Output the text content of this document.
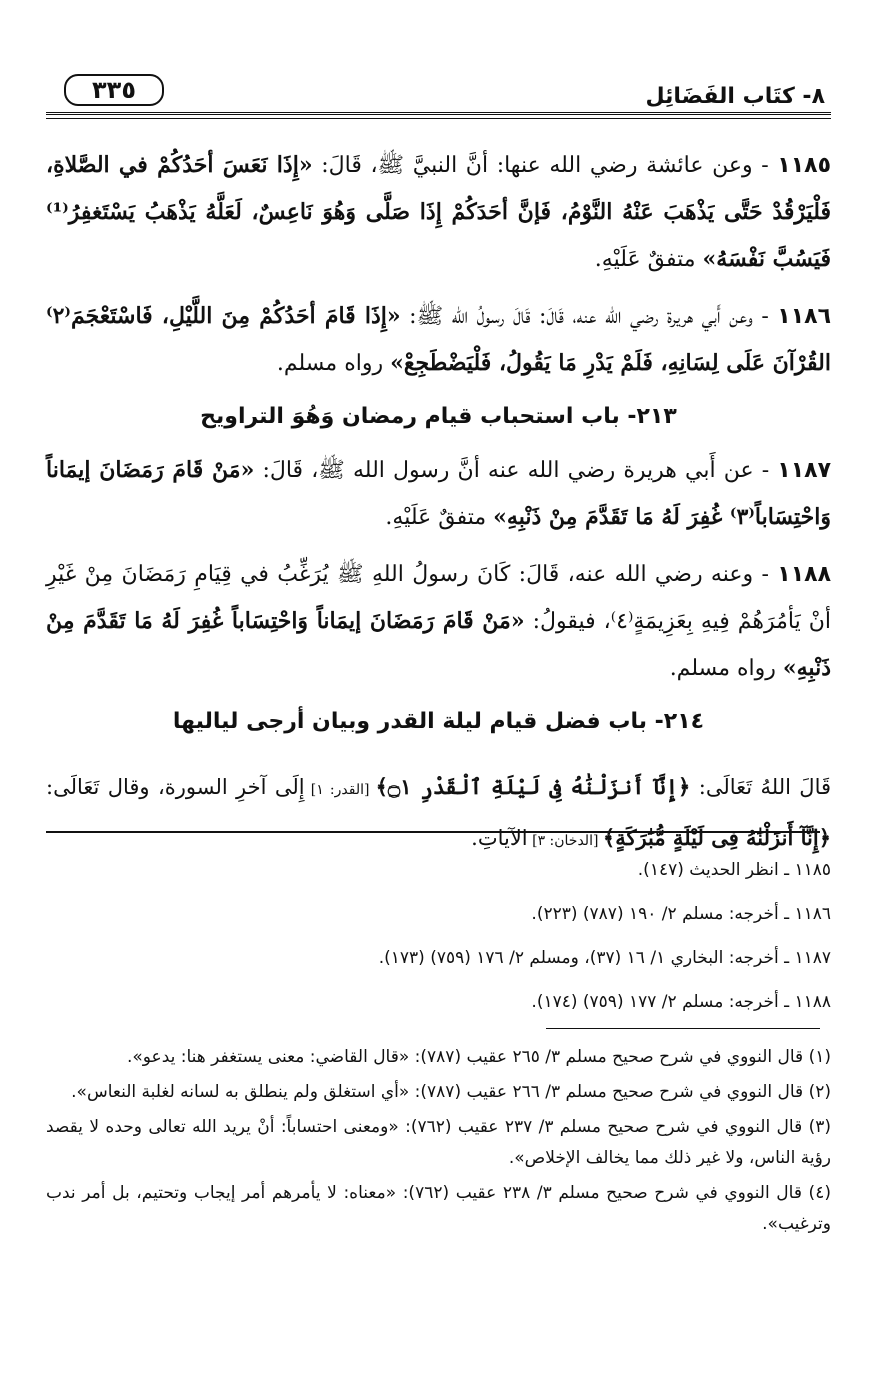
٨- كتَاب الفَضَائِل
٣٣٥

١١٨٥ - وعن عائشة رضي الله عنها: أنَّ النبيَّ ﷺ، قَالَ: «إِذَا نَعَسَ أحَدُكُمْ في الصَّلاةِ، فَلْيَرْقُدْ حَتَّى يَذْهَبَ عَنْهُ النَّوْمُ، فَإنَّ أحَدَكُمْ إِذَا صَلَّى وَهُوَ نَاعِسٌ، لَعَلَّهُ يَذْهَبُ يَسْتَغفِرُ⁽¹⁾ فَيَسُبَّ نَفْسَهُ» متفقٌ عَلَيْهِ.

١١٨٦ - وعن أَبي هريرة رضي الله عنه، قَالَ: قَالَ رسولُ الله ﷺ: «إِذَا قَامَ أحَدُكُمْ مِنَ اللَّيْلِ، فَاسْتَعْجَمَ⁽٢⁾ القُرْآنَ عَلَى لِسَانِهِ، فَلَمْ يَدْرِ مَا يَقُولُ، فَلْيَضْطَجِعْ» رواه مسلم.

٢١٣- باب استحباب قيام رمضان وَهُوَ التراويح

١١٨٧ - عن أَبي هريرة رضي الله عنه أنَّ رسول الله ﷺ، قَالَ: «مَنْ قَامَ رَمَضَانَ إيمَاناً وَاحْتِسَاباً⁽٣⁾ غُفِرَ لَهُ مَا تَقَدَّمَ مِنْ ذَنْبِهِ» متفقٌ عَلَيْهِ.

١١٨٨ - وعنه رضي الله عنه، قَالَ: كَانَ رسولُ اللهِ ﷺ يُرَغِّبُ في قِيَامِ رَمَضَانَ مِنْ غَيْرِ أنْ يَأمُرَهُمْ فِيهِ بِعَزِيمَةٍ⁽٤⁾، فيقولُ: «مَنْ قَامَ رَمَضَانَ إيمَاناً وَاحْتِسَاباً غُفِرَ لَهُ مَا تَقَدَّمَ مِنْ ذَنْبِهِ» رواه مسلم.

٢١٤- باب فضل قيام ليلة القدر وبيان أرجى لياليها

قَالَ اللهُ تَعَالَى: ﴿إِنَّآ أَنزَلْنَٰهُ فِى لَيْلَةِ ٱلْقَدْرِ ۝١﴾ [القدر: ١] إِلَى آخرِ السورة، وقال تَعَالَى: ﴿إِنَّآ أَنزَلْنَٰهُ فِى لَيْلَةٍ مُّبَٰرَكَةٍ﴾ [الدخان: ٣] الآياتِ.

١١٨٥ ـ انظر الحديث (١٤٧).
١١٨٦ ـ أخرجه: مسلم ٢/ ١٩٠ (٧٨٧) (٢٢٣).
١١٨٧ ـ أخرجه: البخاري ١/ ١٦ (٣٧)، ومسلم ٢/ ١٧٦ (٧٥٩) (١٧٣).
١١٨٨ ـ أخرجه: مسلم ٢/ ١٧٧ (٧٥٩) (١٧٤).
(١) قال النووي في شرح صحيح مسلم ٣/ ٢٦٥ عقيب (٧٨٧): «قال القاضي: معنى يستغفر هنا: يدعو».
(٢) قال النووي في شرح صحيح مسلم ٣/ ٢٦٦ عقيب (٧٨٧): «أي استغلق ولم ينطلق به لسانه لغلبة النعاس».
(٣) قال النووي في شرح صحيح مسلم ٣/ ٢٣٧ عقيب (٧٦٢): «ومعنى احتساباً: أنْ يريد الله تعالى وحده لا يقصد رؤية الناس، ولا غير ذلك مما يخالف الإخلاص».
(٤) قال النووي في شرح صحيح مسلم ٣/ ٢٣٨ عقيب (٧٦٢): «معناه: لا يأمرهم أمر إيجاب وتحتيم، بل أمر ندب وترغيب».
